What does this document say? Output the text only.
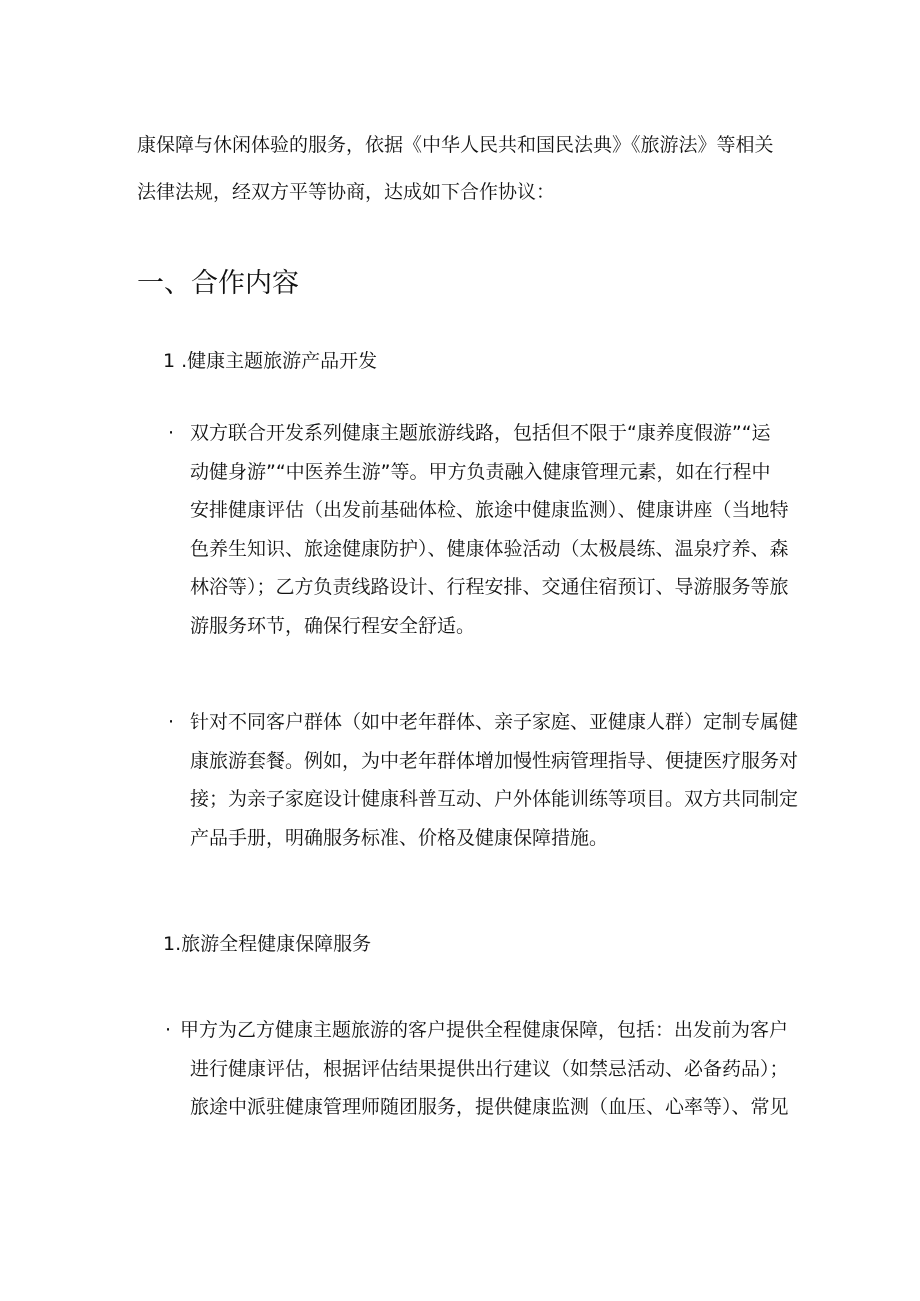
康保障与休闲体验的服务，依据《中华人民共和国民法典》《旅游法》等相关
法律法规，经双方平等协商，达成如下合作协议：
一、合作内容
1 .健康主题旅游产品开发
· 双方联合开发系列健康主题旅游线路，包括但不限于“康养度假游”“运
动健身游”“中医养生游”等。甲方负责融入健康管理元素，如在行程中
安排健康评估（出发前基础体检、旅途中健康监测）、健康讲座（当地特
色养生知识、旅途健康防护）、健康体验活动（太极晨练、温泉疗养、森
林浴等）；乙方负责线路设计、行程安排、交通住宿预订、导游服务等旅
游服务环节，确保行程安全舒适。
· 针对不同客户群体（如中老年群体、亲子家庭、亚健康人群）定制专属健
康旅游套餐。例如，为中老年群体增加慢性病管理指导、便捷医疗服务对
接；为亲子家庭设计健康科普互动、户外体能训练等项目。双方共同制定
产品手册，明确服务标准、价格及健康保障措施。
1.旅游全程健康保障服务
· 甲方为乙方健康主题旅游的客户提供全程健康保障，包括：出发前为客户
进行健康评估，根据评估结果提供出行建议（如禁忌活动、必备药品）；
旅途中派驻健康管理师随团服务，提供健康监测（血压、心率等）、常见
